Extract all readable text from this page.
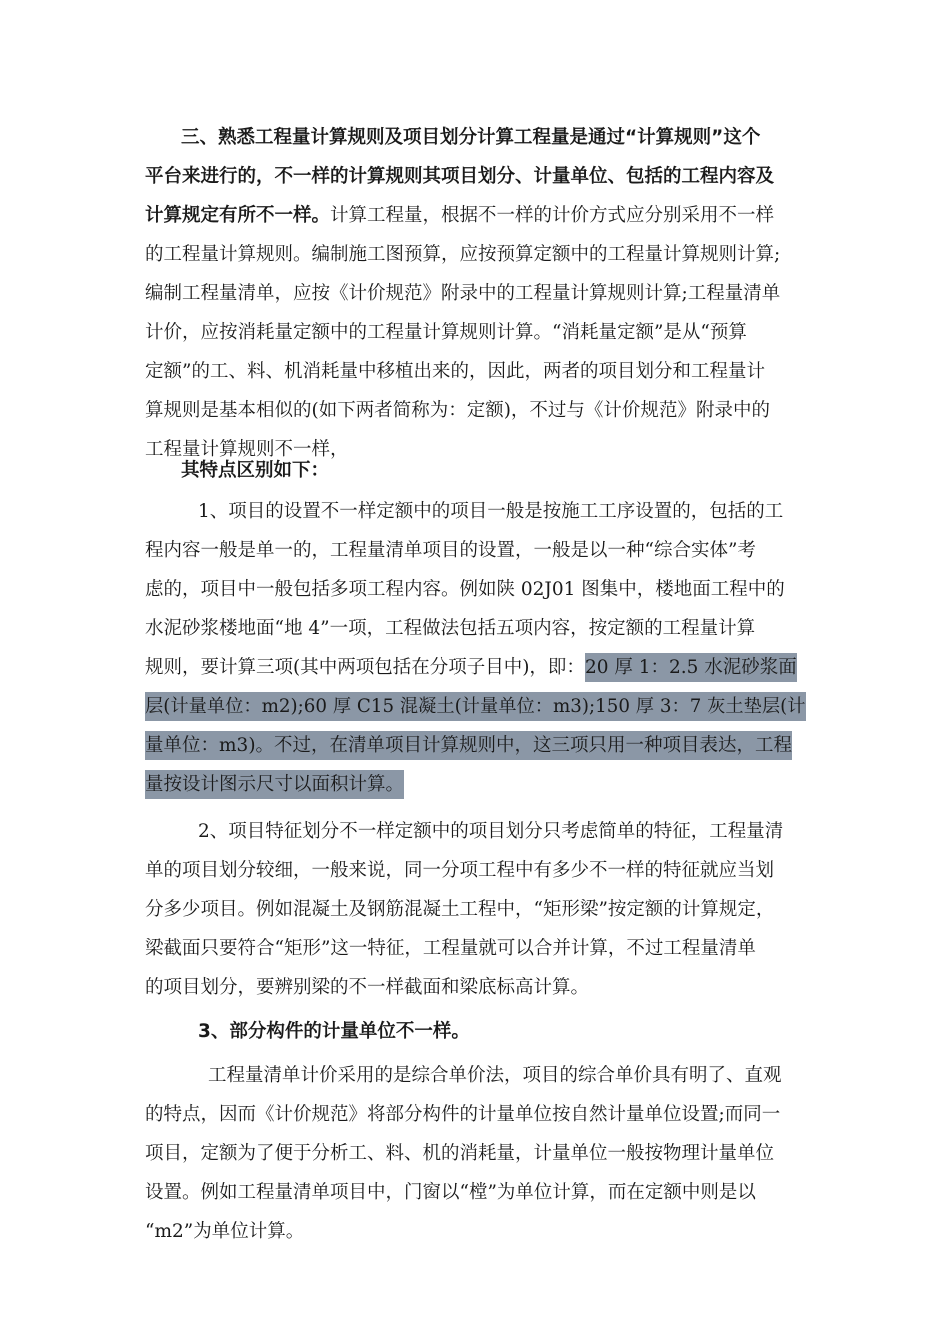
三、熟悉工程量计算规则及项目划分计算工程量是通过“计算规则”这个
平台来进行的，不一样的计算规则其项目划分、计量单位、包括的工程内容及
计算规定有所不一样。计算工程量，根据不一样的计价方式应分别采用不一样
的工程量计算规则。编制施工图预算，应按预算定额中的工程量计算规则计算;
编制工程量清单，应按《计价规范》附录中的工程量计算规则计算;工程量清单
计价，应按消耗量定额中的工程量计算规则计算。“消耗量定额”是从“预算
定额”的工、料、机消耗量中移植出来的，因此，两者的项目划分和工程量计
算规则是基本相似的(如下两者简称为：定额)，不过与《计价规范》附录中的
工程量计算规则不一样，
其特点区别如下：
1、项目的设置不一样定额中的项目一般是按施工工序设置的，包括的工
程内容一般是单一的，工程量清单项目的设置，一般是以一种“综合实体”考
虑的，项目中一般包括多项工程内容。例如陕 02J01 图集中，楼地面工程中的
水泥砂浆楼地面“地 4”一项，工程做法包括五项内容，按定额的工程量计算
规则，要计算三项(其中两项包括在分项子目中)，即：20 厚 1：2.5 水泥砂浆面
层(计量单位：m2);60 厚 C15 混凝土(计量单位：m3);150 厚 3：7 灰土垫层(计
量单位：m3)。不过，在清单项目计算规则中，这三项只用一种项目表达，工程
量按设计图示尺寸以面积计算。
2、项目特征划分不一样定额中的项目划分只考虑简单的特征，工程量清
单的项目划分较细，一般来说，同一分项工程中有多少不一样的特征就应当划
分多少项目。例如混凝土及钢筋混凝土工程中，“矩形梁”按定额的计算规定，
梁截面只要符合“矩形”这一特征，工程量就可以合并计算，不过工程量清单
的项目划分，要辨别梁的不一样截面和梁底标高计算。
3、部分构件的计量单位不一样。
工程量清单计价采用的是综合单价法，项目的综合单价具有明了、直观
的特点，因而《计价规范》将部分构件的计量单位按自然计量单位设置;而同一
项目，定额为了便于分析工、料、机的消耗量，计量单位一般按物理计量单位
设置。例如工程量清单项目中，门窗以“樘”为单位计算，而在定额中则是以
“m2”为单位计算。
